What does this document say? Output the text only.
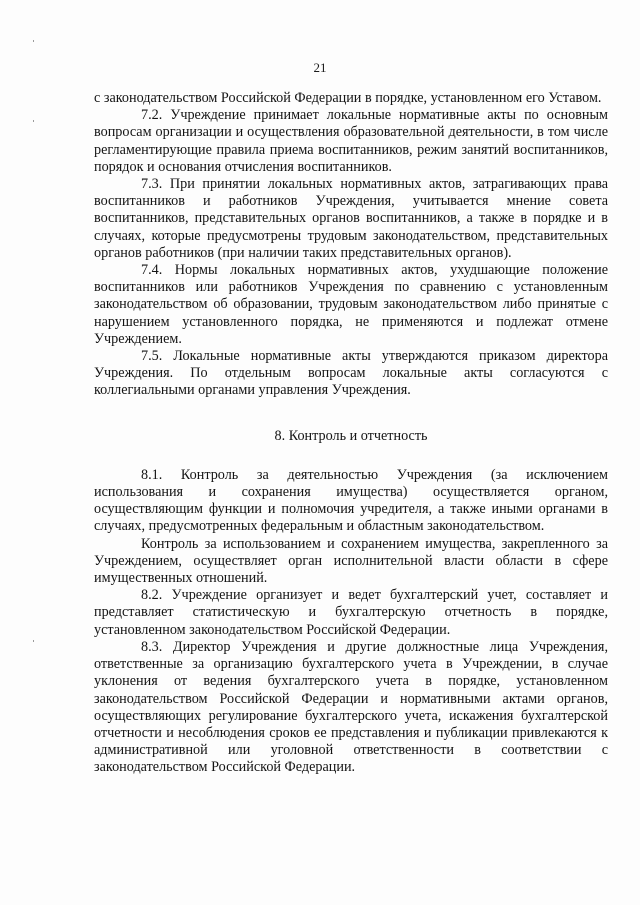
21

с законодательством Российской Федерации в порядке, установленном его Уставом.

7.2. Учреждение принимает локальные нормативные акты по основным вопросам организации и осуществления образовательной деятельности, в том числе регламентирующие правила приема воспитанников, режим занятий воспитанников, порядок и основания отчисления воспитанников.

7.3. При принятии локальных нормативных актов, затрагивающих права воспитанников и работников Учреждения, учитывается мнение совета воспитанников, представительных органов воспитанников, а также в порядке и в случаях, которые предусмотрены трудовым законодательством, представительных органов работников (при наличии таких представительных органов).

7.4. Нормы локальных нормативных актов, ухудшающие положение воспитанников или работников Учреждения по сравнению с установленным законодательством об образовании, трудовым законодательством либо принятые с нарушением установленного порядка, не применяются и подлежат отмене Учреждением.

7.5. Локальные нормативные акты утверждаются приказом директора Учреждения. По отдельным вопросам локальные акты согласуются с коллегиальными органами управления Учреждения.

8. Контроль и отчетность

8.1. Контроль за деятельностью Учреждения (за исключением использования и сохранения имущества) осуществляется органом, осуществляющим функции и полномочия учредителя, а также иными органами в случаях, предусмотренных федеральным и областным законодательством.

Контроль за использованием и сохранением имущества, закрепленного за Учреждением, осуществляет орган исполнительной власти области в сфере имущественных отношений.

8.2. Учреждение организует и ведет бухгалтерский учет, составляет и представляет статистическую и бухгалтерскую отчетность в порядке, установленном законодательством Российской Федерации.

8.3. Директор Учреждения и другие должностные лица Учреждения, ответственные за организацию бухгалтерского учета в Учреждении, в случае уклонения от ведения бухгалтерского учета в порядке, установленном законодательством Российской Федерации и нормативными актами органов, осуществляющих регулирование бухгалтерского учета, искажения бухгалтерской отчетности и несоблюдения сроков ее представления и публикации привлекаются к административной или уголовной ответственности в соответствии с законодательством Российской Федерации.
